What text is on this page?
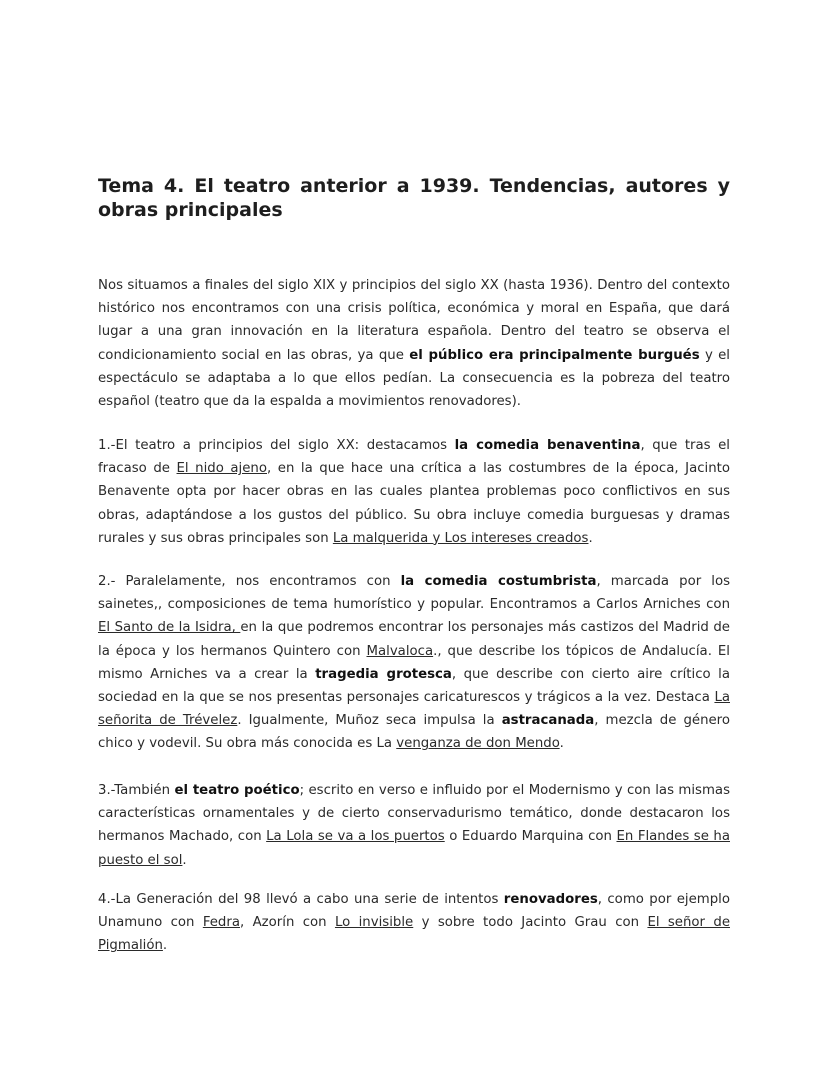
Tema 4. El teatro anterior a 1939. Tendencias, autores y obras principales

Nos situamos a finales del siglo XIX y principios del siglo XX (hasta 1936). Dentro del contexto histórico nos encontramos con una crisis política, económica y moral en España, que dará lugar a una gran innovación en la literatura española. Dentro del teatro se observa el condicionamiento social en las obras, ya que el público era principalmente burgués y el espectáculo se adaptaba a lo que ellos pedían. La consecuencia es la pobreza del teatro español (teatro que da la espalda a movimientos renovadores).

1.-El teatro a principios del siglo XX: destacamos la comedia benaventina, que tras el fracaso de El nido ajeno, en la que hace una crítica a las costumbres de la época, Jacinto Benavente opta por hacer obras en las cuales plantea problemas poco conflictivos en sus obras, adaptándose a los gustos del público. Su obra incluye comedia burguesas y dramas rurales y sus obras principales son La malquerida y Los intereses creados.

2.- Paralelamente, nos encontramos con la comedia costumbrista, marcada por los sainetes,, composiciones de tema humorístico y popular. Encontramos a Carlos Arniches con El Santo de la Isidra, en la que podremos encontrar los personajes más castizos del Madrid de la época y los hermanos Quintero con Malvaloca., que describe los tópicos de Andalucía. El mismo Arniches va a crear la tragedia grotesca, que describe con cierto aire crítico la sociedad en la que se nos presentas personajes caricaturescos y trágicos a la vez. Destaca La señorita de Trévelez. Igualmente, Muñoz seca impulsa la astracanada, mezcla de género chico y vodevil. Su obra más conocida es La venganza de don Mendo.

3.-También el teatro poético; escrito en verso e influido por el Modernismo y con las mismas características ornamentales y de cierto conservadurismo temático, donde destacaron los hermanos Machado, con La Lola se va a los puertos o Eduardo Marquina con En Flandes se ha puesto el sol.

4.-La Generación del 98 llevó a cabo una serie de intentos renovadores, como por ejemplo Unamuno con Fedra, Azorín con Lo invisible y sobre todo Jacinto Grau con El señor de Pigmalión.
